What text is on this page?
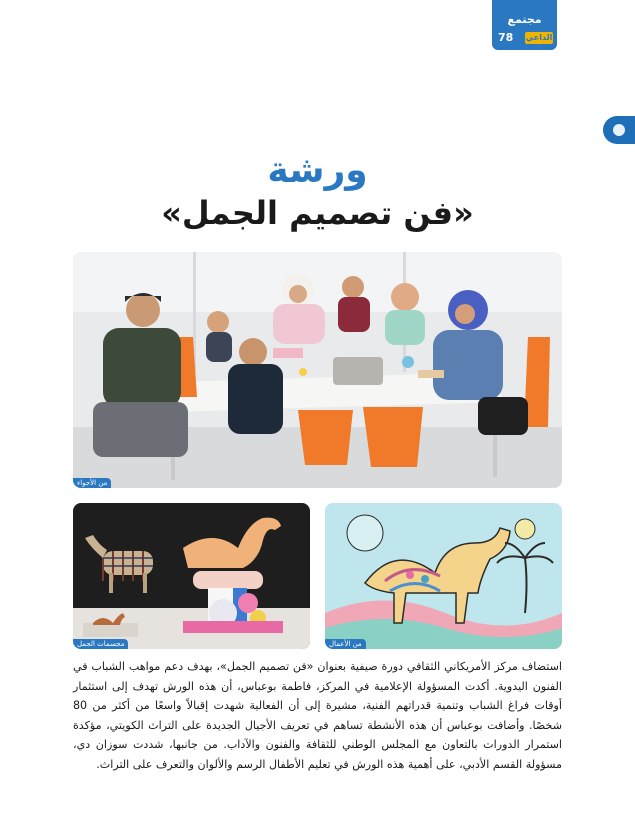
مجتمع
78 الداعي
ورشة
«فن تصميم الجمل»
من الأجواء
مجسمات الجمل	من الأعمال

استضاف مركز الأمريكاني الثقافي دورة صيفية بعنوان «فن تصميم الجمل»، بهدف دعم مواهب الشباب في الفنون اليدوية. أكدت المسؤولة الإعلامية في المركز، فاطمة بوعباس، أن هذه الورش تهدف إلى استثمار أوقات فراغ الشباب وتنمية قدراتهم الفنية، مشيرة إلى أن الفعالية شهدت إقبالاً واسعًا من أكثر من 80 شخصًا. وأضافت بوعباس أن هذه الأنشطة تساهم في تعريف الأجيال الجديدة على التراث الكويتي، مؤكدة استمرار الدورات بالتعاون مع المجلس الوطني للثقافة والفنون والآداب. من جانبها، شددت سوزان دي، مسؤولة القسم الأدبي، على أهمية هذه الورش في تعليم الأطفال الرسم والألوان والتعرف على التراث.
